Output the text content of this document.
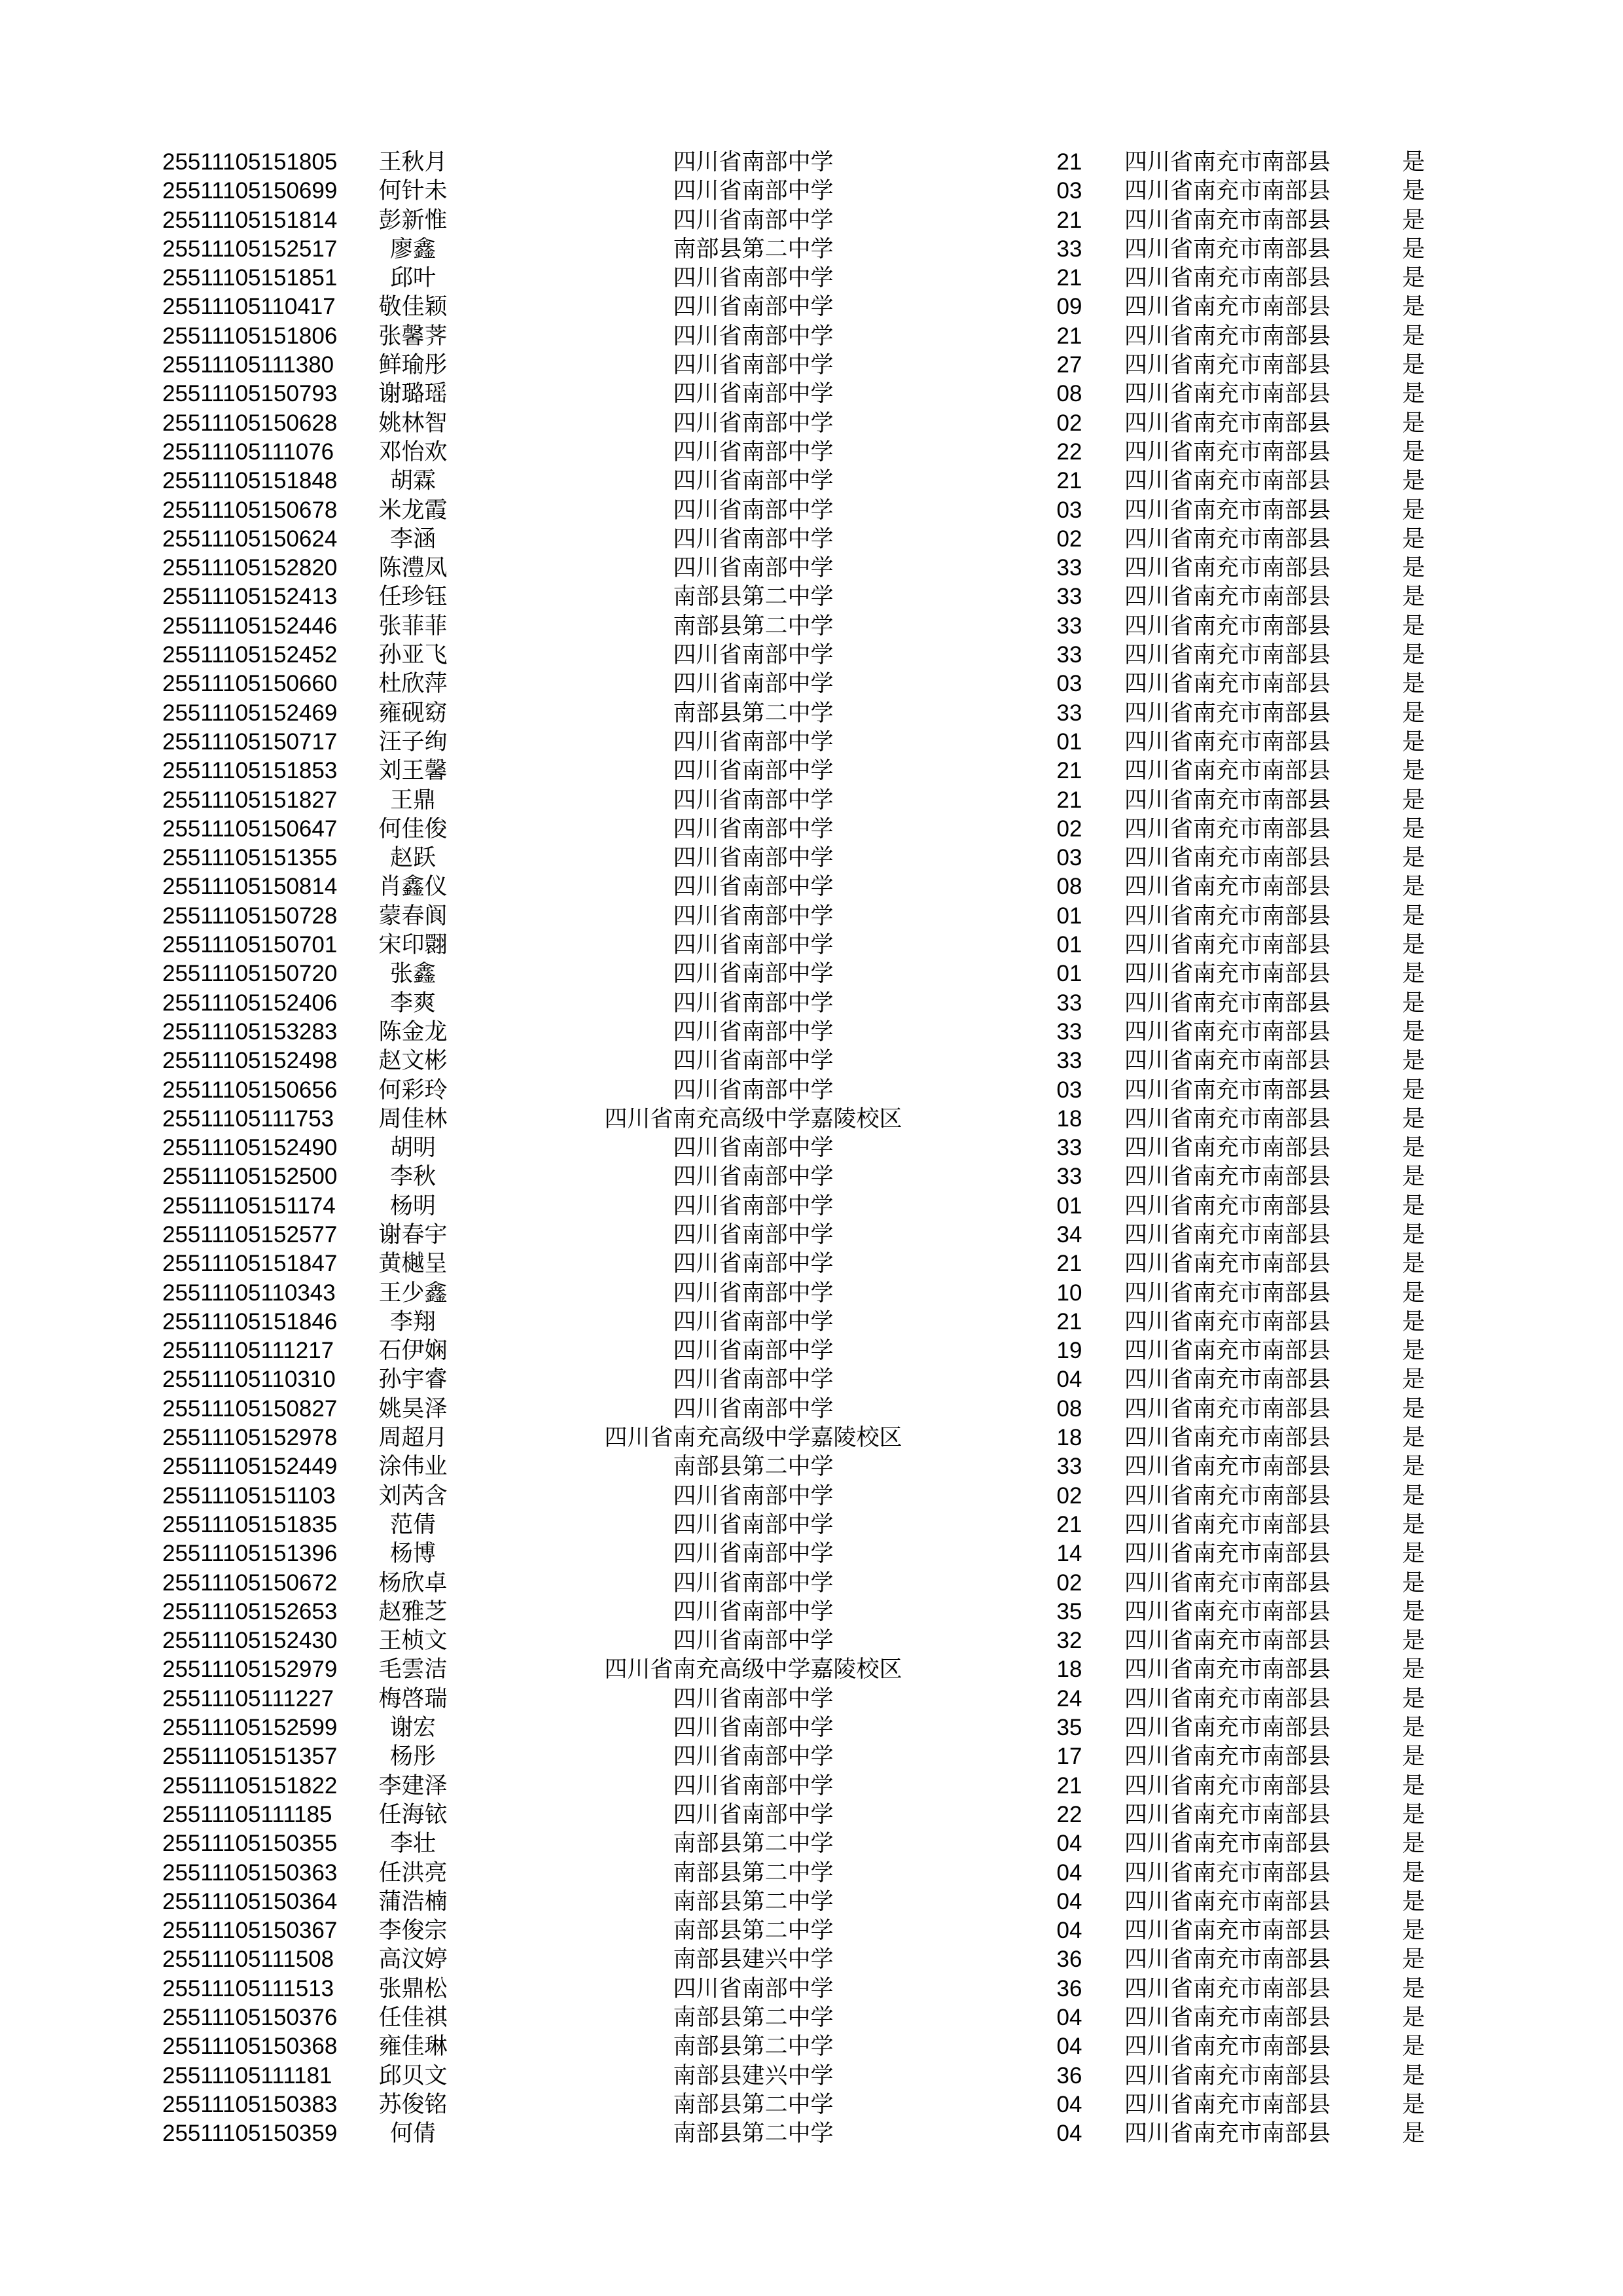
25511105151805	王秋月	四川省南部中学	21	四川省南充市南部县	是
25511105150699	何针未	四川省南部中学	03	四川省南充市南部县	是
25511105151814	彭新惟	四川省南部中学	21	四川省南充市南部县	是
25511105152517	廖鑫	南部县第二中学	33	四川省南充市南部县	是
25511105151851	邱叶	四川省南部中学	21	四川省南充市南部县	是
25511105110417	敬佳颖	四川省南部中学	09	四川省南充市南部县	是
25511105151806	张馨荠	四川省南部中学	21	四川省南充市南部县	是
25511105111380	鲜瑜彤	四川省南部中学	27	四川省南充市南部县	是
25511105150793	谢璐瑶	四川省南部中学	08	四川省南充市南部县	是
25511105150628	姚林智	四川省南部中学	02	四川省南充市南部县	是
25511105111076	邓怡欢	四川省南部中学	22	四川省南充市南部县	是
25511105151848	胡霖	四川省南部中学	21	四川省南充市南部县	是
25511105150678	米龙霞	四川省南部中学	03	四川省南充市南部县	是
25511105150624	李涵	四川省南部中学	02	四川省南充市南部县	是
25511105152820	陈澧凤	四川省南部中学	33	四川省南充市南部县	是
25511105152413	任珍钰	南部县第二中学	33	四川省南充市南部县	是
25511105152446	张菲菲	南部县第二中学	33	四川省南充市南部县	是
25511105152452	孙亚飞	四川省南部中学	33	四川省南充市南部县	是
25511105150660	杜欣萍	四川省南部中学	03	四川省南充市南部县	是
25511105152469	雍砚窈	南部县第二中学	33	四川省南充市南部县	是
25511105150717	汪子绚	四川省南部中学	01	四川省南充市南部县	是
25511105151853	刘王馨	四川省南部中学	21	四川省南充市南部县	是
25511105151827	王鼎	四川省南部中学	21	四川省南充市南部县	是
25511105150647	何佳俊	四川省南部中学	02	四川省南充市南部县	是
25511105151355	赵跃	四川省南部中学	03	四川省南充市南部县	是
25511105150814	肖鑫仪	四川省南部中学	08	四川省南充市南部县	是
25511105150728	蒙春阆	四川省南部中学	01	四川省南充市南部县	是
25511105150701	宋印翾	四川省南部中学	01	四川省南充市南部县	是
25511105150720	张鑫	四川省南部中学	01	四川省南充市南部县	是
25511105152406	李爽	四川省南部中学	33	四川省南充市南部县	是
25511105153283	陈金龙	四川省南部中学	33	四川省南充市南部县	是
25511105152498	赵文彬	四川省南部中学	33	四川省南充市南部县	是
25511105150656	何彩玲	四川省南部中学	03	四川省南充市南部县	是
25511105111753	周佳林	四川省南充高级中学嘉陵校区	18	四川省南充市南部县	是
25511105152490	胡明	四川省南部中学	33	四川省南充市南部县	是
25511105152500	李秋	四川省南部中学	33	四川省南充市南部县	是
25511105151174	杨明	四川省南部中学	01	四川省南充市南部县	是
25511105152577	谢春宇	四川省南部中学	34	四川省南充市南部县	是
25511105151847	黄樾呈	四川省南部中学	21	四川省南充市南部县	是
25511105110343	王少鑫	四川省南部中学	10	四川省南充市南部县	是
25511105151846	李翔	四川省南部中学	21	四川省南充市南部县	是
25511105111217	石伊娴	四川省南部中学	19	四川省南充市南部县	是
25511105110310	孙宇睿	四川省南部中学	04	四川省南充市南部县	是
25511105150827	姚昊泽	四川省南部中学	08	四川省南充市南部县	是
25511105152978	周超月	四川省南充高级中学嘉陵校区	18	四川省南充市南部县	是
25511105152449	涂伟业	南部县第二中学	33	四川省南充市南部县	是
25511105151103	刘芮含	四川省南部中学	02	四川省南充市南部县	是
25511105151835	范倩	四川省南部中学	21	四川省南充市南部县	是
25511105151396	杨博	四川省南部中学	14	四川省南充市南部县	是
25511105150672	杨欣卓	四川省南部中学	02	四川省南充市南部县	是
25511105152653	赵雅芝	四川省南部中学	35	四川省南充市南部县	是
25511105152430	王桢文	四川省南部中学	32	四川省南充市南部县	是
25511105152979	毛雲洁	四川省南充高级中学嘉陵校区	18	四川省南充市南部县	是
25511105111227	梅啓瑞	四川省南部中学	24	四川省南充市南部县	是
25511105152599	谢宏	四川省南部中学	35	四川省南充市南部县	是
25511105151357	杨彤	四川省南部中学	17	四川省南充市南部县	是
25511105151822	李建泽	四川省南部中学	21	四川省南充市南部县	是
25511105111185	任海铱	四川省南部中学	22	四川省南充市南部县	是
25511105150355	李壮	南部县第二中学	04	四川省南充市南部县	是
25511105150363	任洪亮	南部县第二中学	04	四川省南充市南部县	是
25511105150364	蒲浩楠	南部县第二中学	04	四川省南充市南部县	是
25511105150367	李俊宗	南部县第二中学	04	四川省南充市南部县	是
25511105111508	高汶婷	南部县建兴中学	36	四川省南充市南部县	是
25511105111513	张鼎松	四川省南部中学	36	四川省南充市南部县	是
25511105150376	任佳祺	南部县第二中学	04	四川省南充市南部县	是
25511105150368	雍佳琳	南部县第二中学	04	四川省南充市南部县	是
25511105111181	邱贝文	南部县建兴中学	36	四川省南充市南部县	是
25511105150383	苏俊铭	南部县第二中学	04	四川省南充市南部县	是
25511105150359	何倩	南部县第二中学	04	四川省南充市南部县	是
